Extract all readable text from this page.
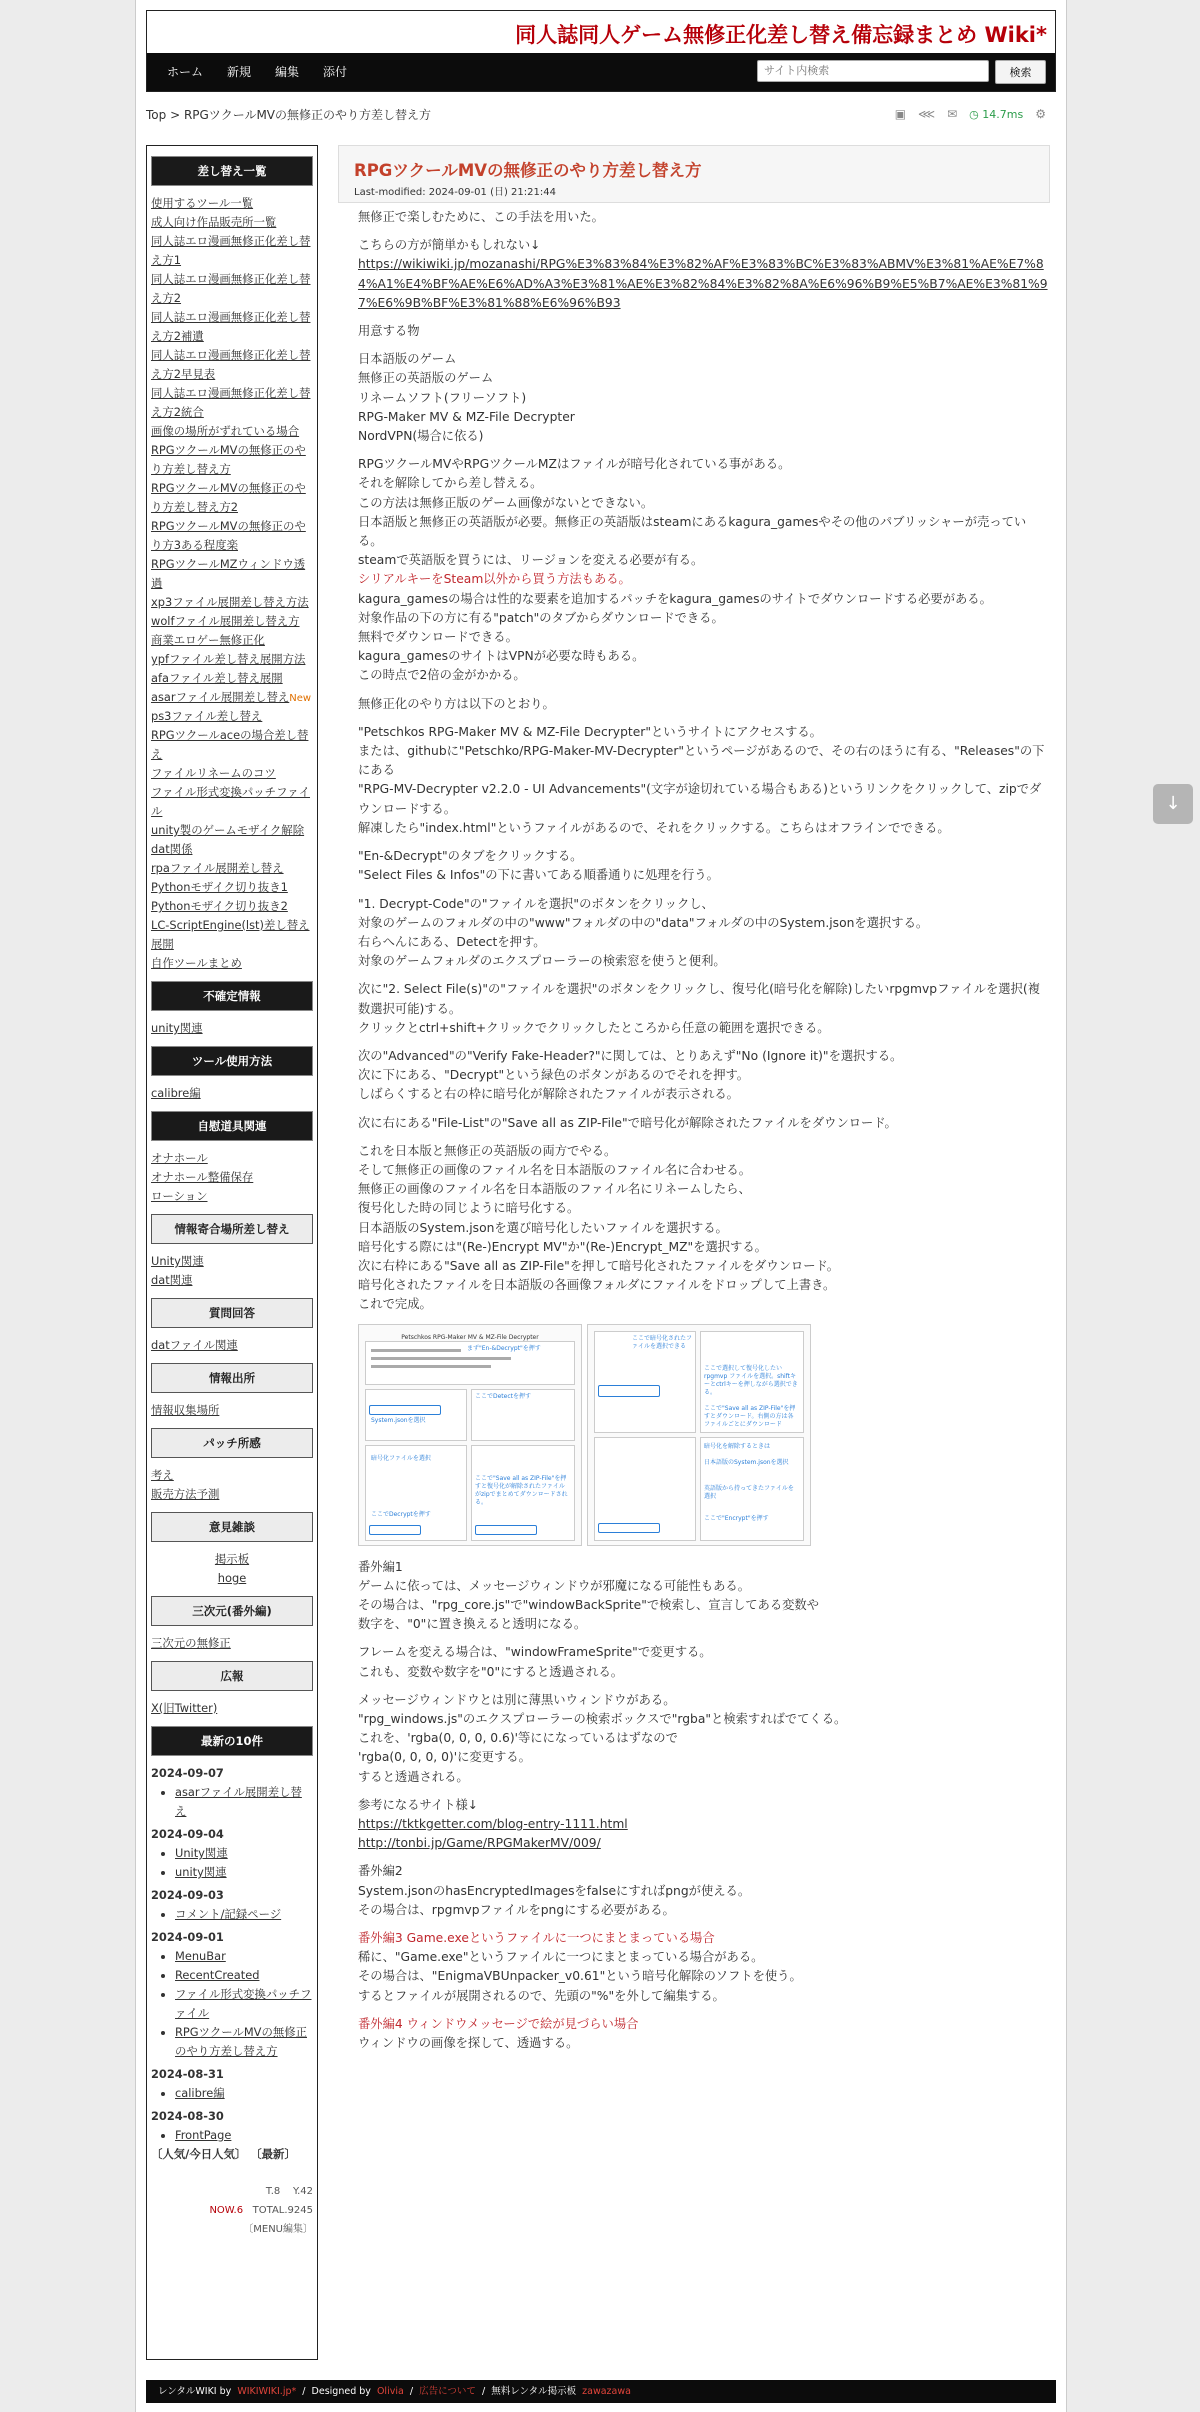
同人誌同人ゲーム無修正化差し替え備忘録まとめ Wiki*
ホーム 新規 編集 添付
サイト内検索	検索
Top > RPGツクールMVの無修正のやり方差し替え方	▣ ⋘ ✉ ◷ 14.7ms ⚙
差し替え一覧
使用するツール一覧
成人向け作品販売所一覧
同人誌エロ漫画無修正化差し替え方1
同人誌エロ漫画無修正化差し替え方2
同人誌エロ漫画無修正化差し替え方2補遺
同人誌エロ漫画無修正化差し替え方2早見表
同人誌エロ漫画無修正化差し替え方2統合
画像の場所がずれている場合
RPGツクールMVの無修正のやり方差し替え方
RPGツクールMVの無修正のやり方差し替え方2
RPGツクールMVの無修正のやり方3ある程度楽
RPGツクールMZウィンドウ透過
xp3ファイル展開差し替え方法
wolfファイル展開差し替え方
商業エロゲー無修正化
ypfファイル差し替え展開方法
afaファイル差し替え展開
asarファイル展開差し替えNew

ps3ファイル差し替え
RPGツクールaceの場合差し替え
ファイルリネームのコツ
ファイル形式変換パッチファイル
unity製のゲームモザイク解除
dat関係
rpaファイル展開差し替え
Pythonモザイク切り抜き1
Pythonモザイク切り抜き2
LC-ScriptEngine(lst)差し替え展開
自作ツールまとめ
不確定情報
unity関連
ツール使用方法
calibre編
自慰道具関連
オナホール
オナホール整備保存
ローション
情報寄合場所差し替え
Unity関連
dat関連
質問回答
datファイル関連
情報出所
情報収集場所
パッチ所感
考え
販売方法予測
意見雑談
掲示板
hoge
三次元(番外編)
三次元の無修正
広報
X(旧Twitter)
最新の10件
2024-09-07
• asarファイル展開差し替え
2024-09-04
• Unity関連
• unity関連
2024-09-03
• コメント/記録ページ
2024-09-01
• MenuBar
• RecentCreated
• ファイル形式変換パッチファイル
• RPGツクールMVの無修正のやり方差し替え方
2024-08-31
• calibre編
2024-08-30
• FrontPage
〔人気/今日人気〕 〔最新〕
T.8 Y.42
NOW.6 TOTAL.9245
〔MENU編集〕
RPGツクールMVの無修正のやり方差し替え方
Last-modified: 2024-09-01 (日) 21:21:44

無修正で楽しむために、この手法を用いた。

こちらの方が簡単かもしれない↓
https://wikiwiki.jp/mozanashi/RPG%E3%83%84%E3%82%AF%E3%83%BC%E3%83%ABMV%E3%81%AE%E7%84%A1%E4%BF%AE%E6%AD%A3%E3%81%AE%E3%82%84%E3%82%8A%E6%96%B9%E5%B7%AE%E3%81%97%E6%9B%BF%E3%81%88%E6%96%B93

用意する物

日本語版のゲーム
無修正の英語版のゲーム
リネームソフト(フリーソフト)
RPG-Maker MV & MZ-File Decrypter
NordVPN(場合に依る)

RPGツクールMVやRPGツクールMZはファイルが暗号化されている事がある。
それを解除してから差し替える。
この方法は無修正版のゲーム画像がないとできない。
日本語版と無修正の英語版が必要。無修正の英語版はsteamにあるkagura_gamesやその他のパブリッシャーが売っている。
steamで英語版を買うには、リージョンを変える必要が有る。
シリアルキーをSteam以外から買う方法もある。
kagura_gamesの場合は性的な要素を追加するパッチをkagura_gamesのサイトでダウンロードする必要がある。
対象作品の下の方に有る"patch"のタブからダウンロードできる。
無料でダウンロードできる。
kagura_gamesのサイトはVPNが必要な時もある。
この時点で2倍の金がかかる。

無修正化のやり方は以下のとおり。

"Petschkos RPG-Maker MV & MZ-File Decrypter"というサイトにアクセスする。
または、githubに"Petschko/RPG-Maker-MV-Decrypter"というページがあるので、その右のほうに有る、"Releases"の下にある
"RPG-MV-Decrypter v2.2.0 - UI Advancements"(文字が途切れている場合もある)というリンクをクリックして、zipでダウンロードする。
解凍したら"index.html"というファイルがあるので、それをクリックする。こちらはオフラインでできる。

"En-&Decrypt"のタブをクリックする。
"Select Files & Infos"の下に書いてある順番通りに処理を行う。

"1. Decrypt-Code"の"ファイルを選択"のボタンをクリックし、
対象のゲームのフォルダの中の"www"フォルダの中の"data"フォルダの中のSystem.jsonを選択する。
右らへんにある、Detectを押す。
対象のゲームフォルダのエクスプローラーの検索窓を使うと便利。

次に"2. Select File(s)"の"ファイルを選択"のボタンをクリックし、復号化(暗号化を解除)したいrpgmvpファイルを選択(複数選択可能)する。
クリックとctrl+shift+クリックでクリックしたところから任意の範囲を選択できる。

次の"Advanced"の"Verify Fake-Header?"に関しては、とりあえず"No (Ignore it)"を選択する。
次に下にある、"Decrypt"という緑色のボタンがあるのでそれを押す。
しばらくすると右の枠に暗号化が解除されたファイルが表示される。

次に右にある"File-List"の"Save all as ZIP-File"で暗号化が解除されたファイルをダウンロード。

これを日本版と無修正の英語版の両方でやる。
そして無修正の画像のファイル名を日本語版のファイル名に合わせる。
無修正の画像のファイル名を日本語版のファイル名にリネームしたら、
復号化した時の同じように暗号化する。
日本語版のSystem.jsonを選び暗号化したいファイルを選択する。
暗号化する際には"(Re-)Encrypt MV"か"(Re-)Encrypt_MZ"を選択する。
次に右枠にある"Save all as ZIP-File"を押して暗号化されたファイルをダウンロード。
暗号化されたファイルを日本語版の各画像フォルダにファイルをドロップして上書き。
これで完成。

Petschkos RPG-Maker MV & MZ-File Decrypter
まず"En-&Decrypt"を押す
System.jsonを選択
ここでDetectを押す
暗号化ファイルを選択
ここで"Save all as ZIP-File"を押すと復号化が解除されたファイルがzipでまとめてダウンロードされる。
ここでDecryptを押す
ここで暗号化されたファイルを選択できる
ここで選択して復号化したいrpgmvp ファイルを選択。shiftキーとctrlキーを押しながら選択できる。
ここで"Save all as ZIP-File"を押すとダウンロード。右側の方は各ファイルごとにダウンロード
暗号化を解除するときは
日本語版のSystem.jsonを選択
英語版から持ってきたファイルを選択
ここで"Encrypt"を押す

番外編1
ゲームに依っては、メッセージウィンドウが邪魔になる可能性もある。
その場合は、"rpg_core.js"で"windowBackSprite"で検索し、宣言してある変数や
数字を、"0"に置き換えると透明になる。

フレームを変える場合は、"windowFrameSprite"で変更する。
これも、変数や数字を"0"にすると透過される。

メッセージウィンドウとは別に薄黒いウィンドウがある。
"rpg_windows.js"のエクスプローラーの検索ボックスで"rgba"と検索すればでてくる。
これを、'rgba(0, 0, 0, 0.6)'等にになっているはずなので
'rgba(0, 0, 0, 0)'に変更する。
すると透過される。

参考になるサイト様↓
https://tktkgetter.com/blog-entry-1111.html
http://tonbi.jp/Game/RPGMakerMV/009/

番外編2
System.jsonのhasEncryptedImagesをfalseにすればpngが使える。
その場合は、rpgmvpファイルをpngにする必要がある。

番外編3 Game.exeというファイルに一つにまとまっている場合
稀に、"Game.exe"というファイルに一つにまとまっている場合がある。
その場合は、"EnigmaVBUnpacker_v0.61"という暗号化解除のソフトを使う。
するとファイルが展開されるので、先頭の"%"を外して編集する。

番外編4 ウィンドウメッセージで絵が見づらい場合
ウィンドウの画像を探して、透過する。

レンタルWIKI by WIKIWIKI.jp* / Designed by Olivia / 広告について / 無料レンタル掲示板 zawazawa
↓
